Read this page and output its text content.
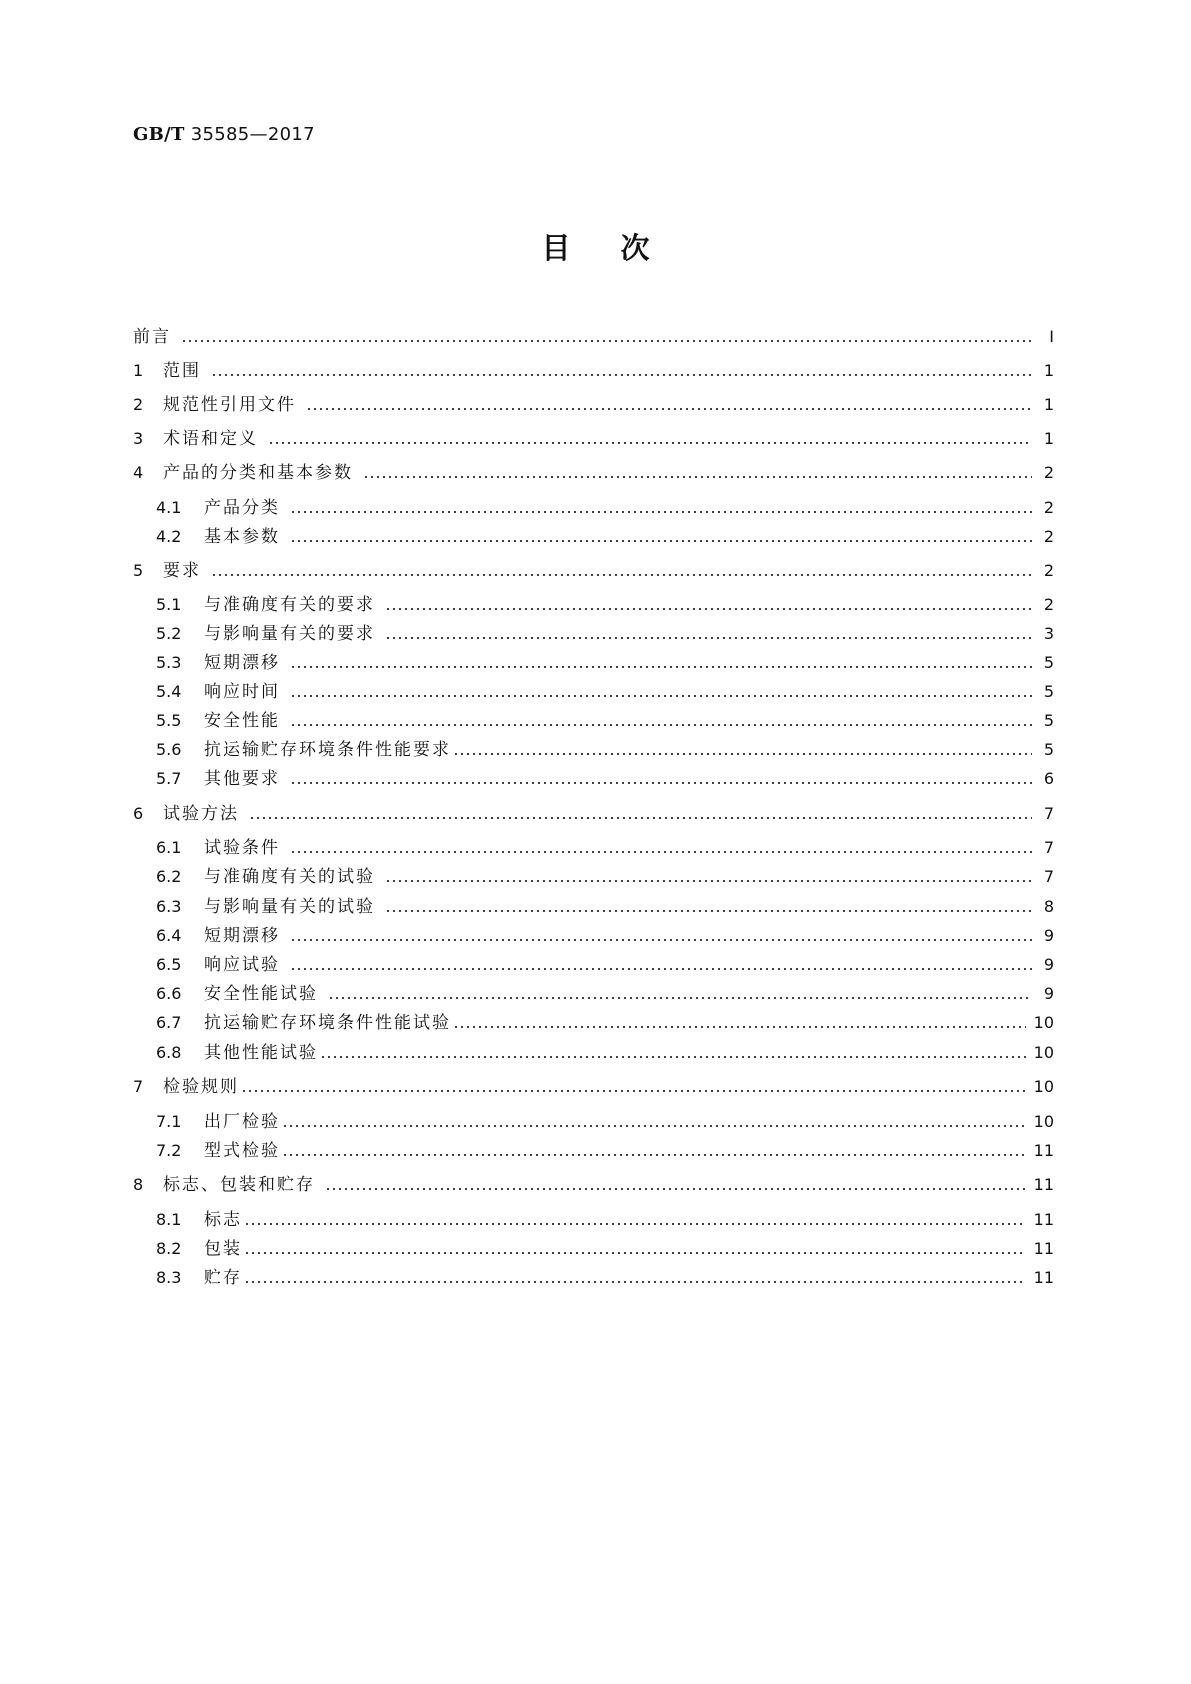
GB/T 35585—2017
目次
前言	Ⅰ
1	范围	1
2	规范性引用文件	1
3	术语和定义	1
4	产品的分类和基本参数	2
4.1	产品分类	2
4.2	基本参数	2
5	要求	2
5.1	与准确度有关的要求	2
5.2	与影响量有关的要求	3
5.3	短期漂移	5
5.4	响应时间	5
5.5	安全性能	5
5.6	抗运输贮存环境条件性能要求	5
5.7	其他要求	6
6	试验方法	7
6.1	试验条件	7
6.2	与准确度有关的试验	7
6.3	与影响量有关的试验	8
6.4	短期漂移	9
6.5	响应试验	9
6.6	安全性能试验	9
6.7	抗运输贮存环境条件性能试验	10
6.8	其他性能试验	10
7	检验规则	10
7.1	出厂检验	10
7.2	型式检验	11
8	标志、包装和贮存	11
8.1	标志	11
8.2	包装	11
8.3	贮存	11
